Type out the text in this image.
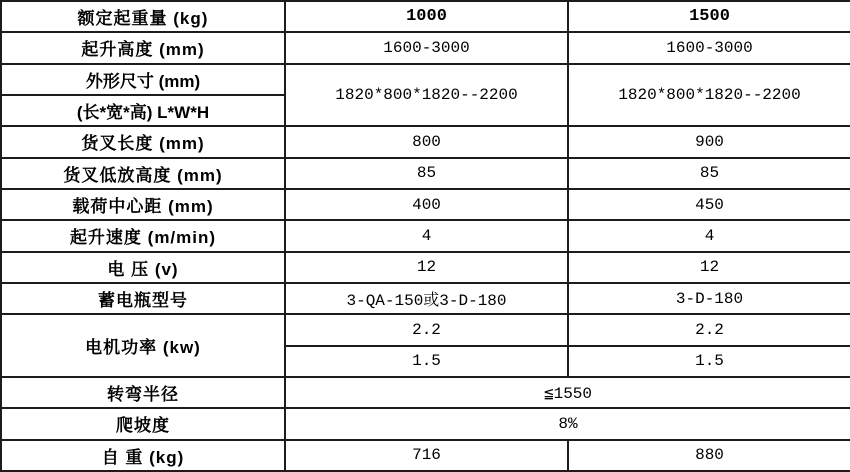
额定起重量 (kg)	1000	1500
起升高度 (mm)	1600-3000	1600-3000
外形尺寸 (mm)	1820*800*1820--2200	1820*800*1820--2200
(长*宽*高) L*W*H		
货叉长度 (mm)	800	900
货叉低放高度 (mm)	85	85
载荷中心距 (mm)	400	450
起升速度 (m/min)	4	4
电 压 (v)	12	12
蓄电瓶型号	3-QA-150或3-D-180	3-D-180
电机功率 (kw)	2.2	2.2
	1.5	1.5
转弯半径	≦1550	
爬坡度	8%	
自 重 (kg)	716	880
